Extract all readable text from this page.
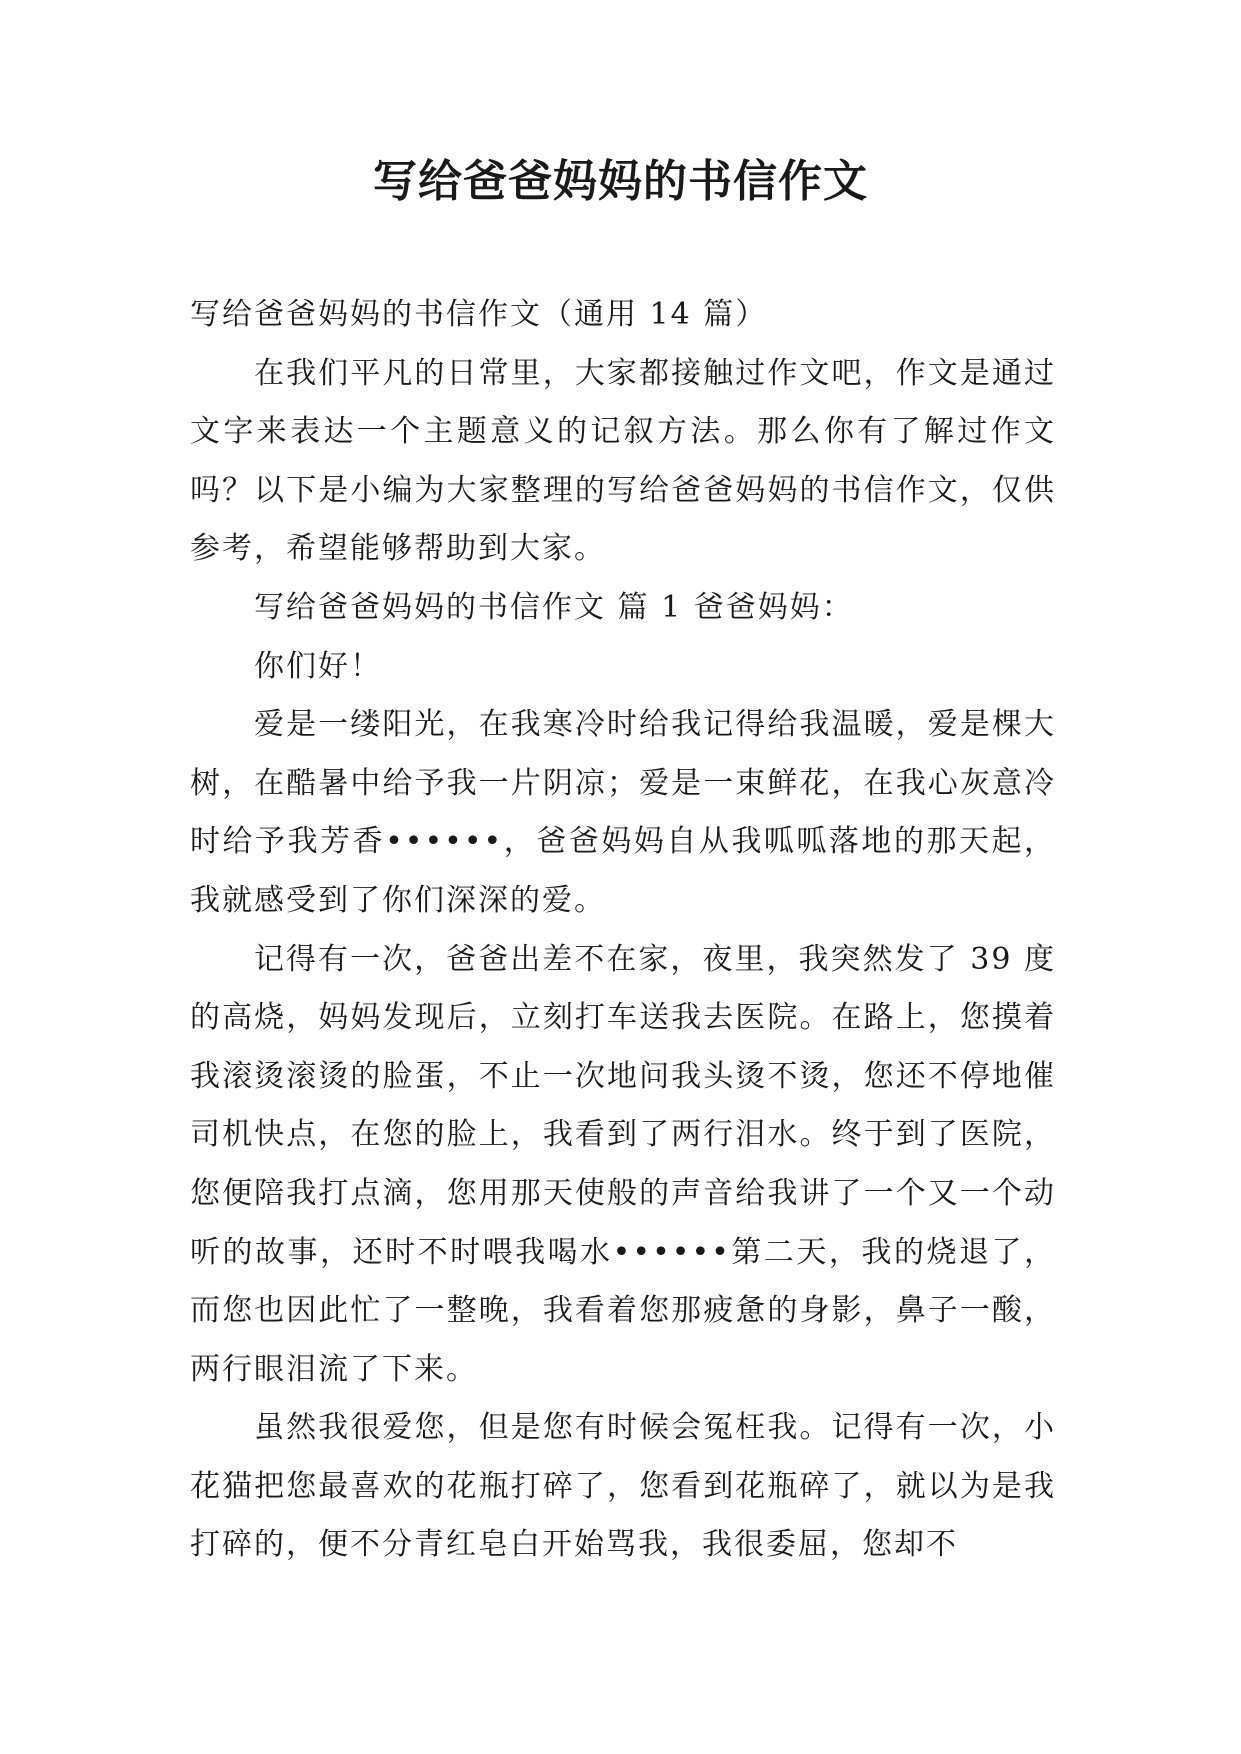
写给爸爸妈妈的书信作文

写给爸爸妈妈的书信作文（通用 14 篇）

在我们平凡的日常里，大家都接触过作文吧，作文是通过文字来表达一个主题意义的记叙方法。那么你有了解过作文吗？以下是小编为大家整理的写给爸爸妈妈的书信作文，仅供参考，希望能够帮助到大家。

写给爸爸妈妈的书信作文 篇 1 爸爸妈妈：

你们好！

爱是一缕阳光，在我寒冷时给我记得给我温暖，爱是棵大树，在酷暑中给予我一片阴凉；爱是一束鲜花，在我心灰意冷时给予我芳香••••••，爸爸妈妈自从我呱呱落地的那天起，我就感受到了你们深深的爱。

记得有一次，爸爸出差不在家，夜里，我突然发了 39 度的高烧，妈妈发现后，立刻打车送我去医院。在路上，您摸着我滚烫滚烫的脸蛋，不止一次地问我头烫不烫，您还不停地催司机快点，在您的脸上，我看到了两行泪水。终于到了医院，您便陪我打点滴，您用那天使般的声音给我讲了一个又一个动听的故事，还时不时喂我喝水••••••第二天，我的烧退了，而您也因此忙了一整晚，我看着您那疲惫的身影，鼻子一酸，两行眼泪流了下来。

虽然我很爱您，但是您有时候会冤枉我。记得有一次，小花猫把您最喜欢的花瓶打碎了，您看到花瓶碎了，就以为是我打碎的，便不分青红皂白开始骂我，我很委屈，您却不
